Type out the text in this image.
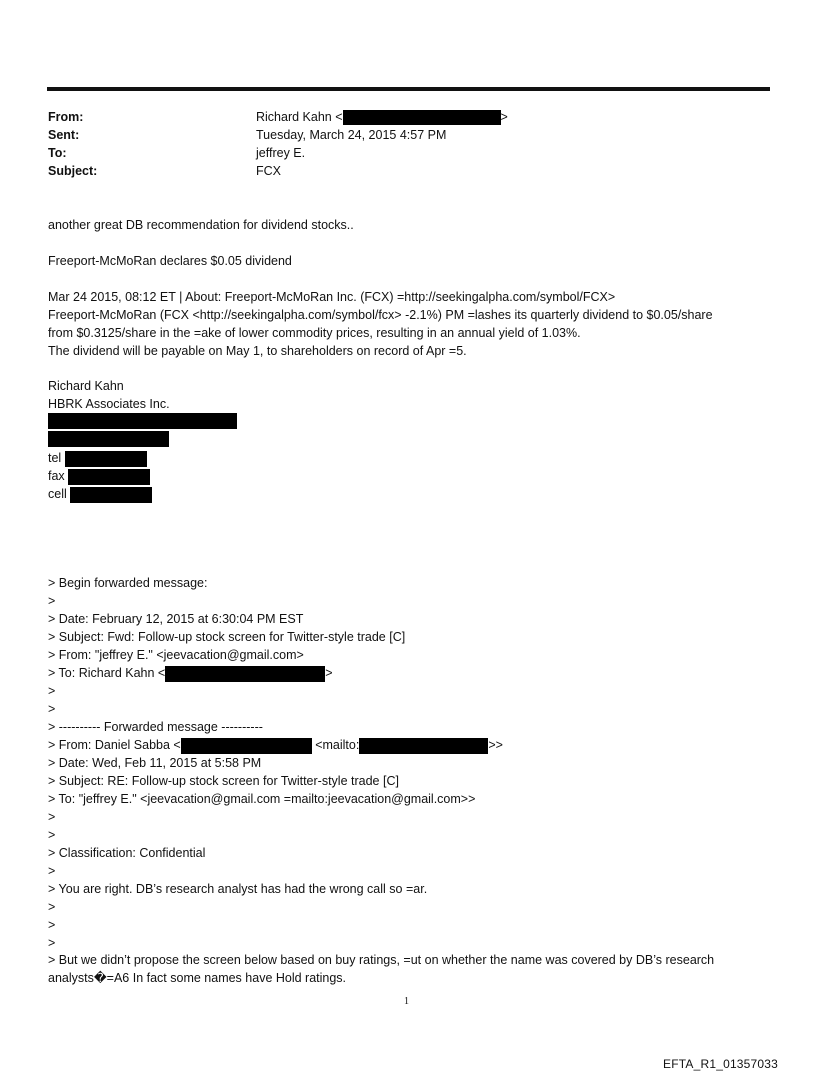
From:	Richard Kahn <	>
Sent:	Tuesday, March 24, 2015 4:57 PM
To:	jeffrey E.
Subject:	FCX
another great DB recommendation for dividend stocks..
Freeport-McMoRan declares $0.05 dividend
Mar 24 2015, 08:12 ET | About: Freeport-McMoRan Inc. (FCX) =http://seekingalpha.com/symbol/FCX>
Freeport-McMoRan (FCX <http://seekingalpha.com/symbol/fcx> -2.1%) PM =lashes its quarterly dividend to $0.05/share
from $0.3125/share in the =ake of lower commodity prices, resulting in an annual yield of 1.03%.
The dividend will be payable on May 1, to shareholders on record of Apr =5.
Richard Kahn
HBRK Associates Inc.
tel
fax
cell
> Begin forwarded message:
>
> Date: February 12, 2015 at 6:30:04 PM EST
> Subject: Fwd: Follow-up stock screen for Twitter-style trade [C]
> From: "jeffrey E." <jeevacation@gmail.com>
> To: Richard Kahn <	>
>
>
> ---------- Forwarded message ----------
> From: Daniel Sabba <	<mailto:	>>
> Date: Wed, Feb 11, 2015 at 5:58 PM
> Subject: RE: Follow-up stock screen for Twitter-style trade [C]
> To: "jeffrey E." <jeevacation@gmail.com =mailto:jeevacation@gmail.com>>
>
>
> Classification: Confidential
>
> You are right. DB’s research analyst has had the wrong call so =ar.
>
>
>
> But we didn’t propose the screen below based on buy ratings, =ut on whether the name was covered by DB’s research
analysts�=A6 In fact some names have Hold ratings.
1
EFTA_R1_01357033
